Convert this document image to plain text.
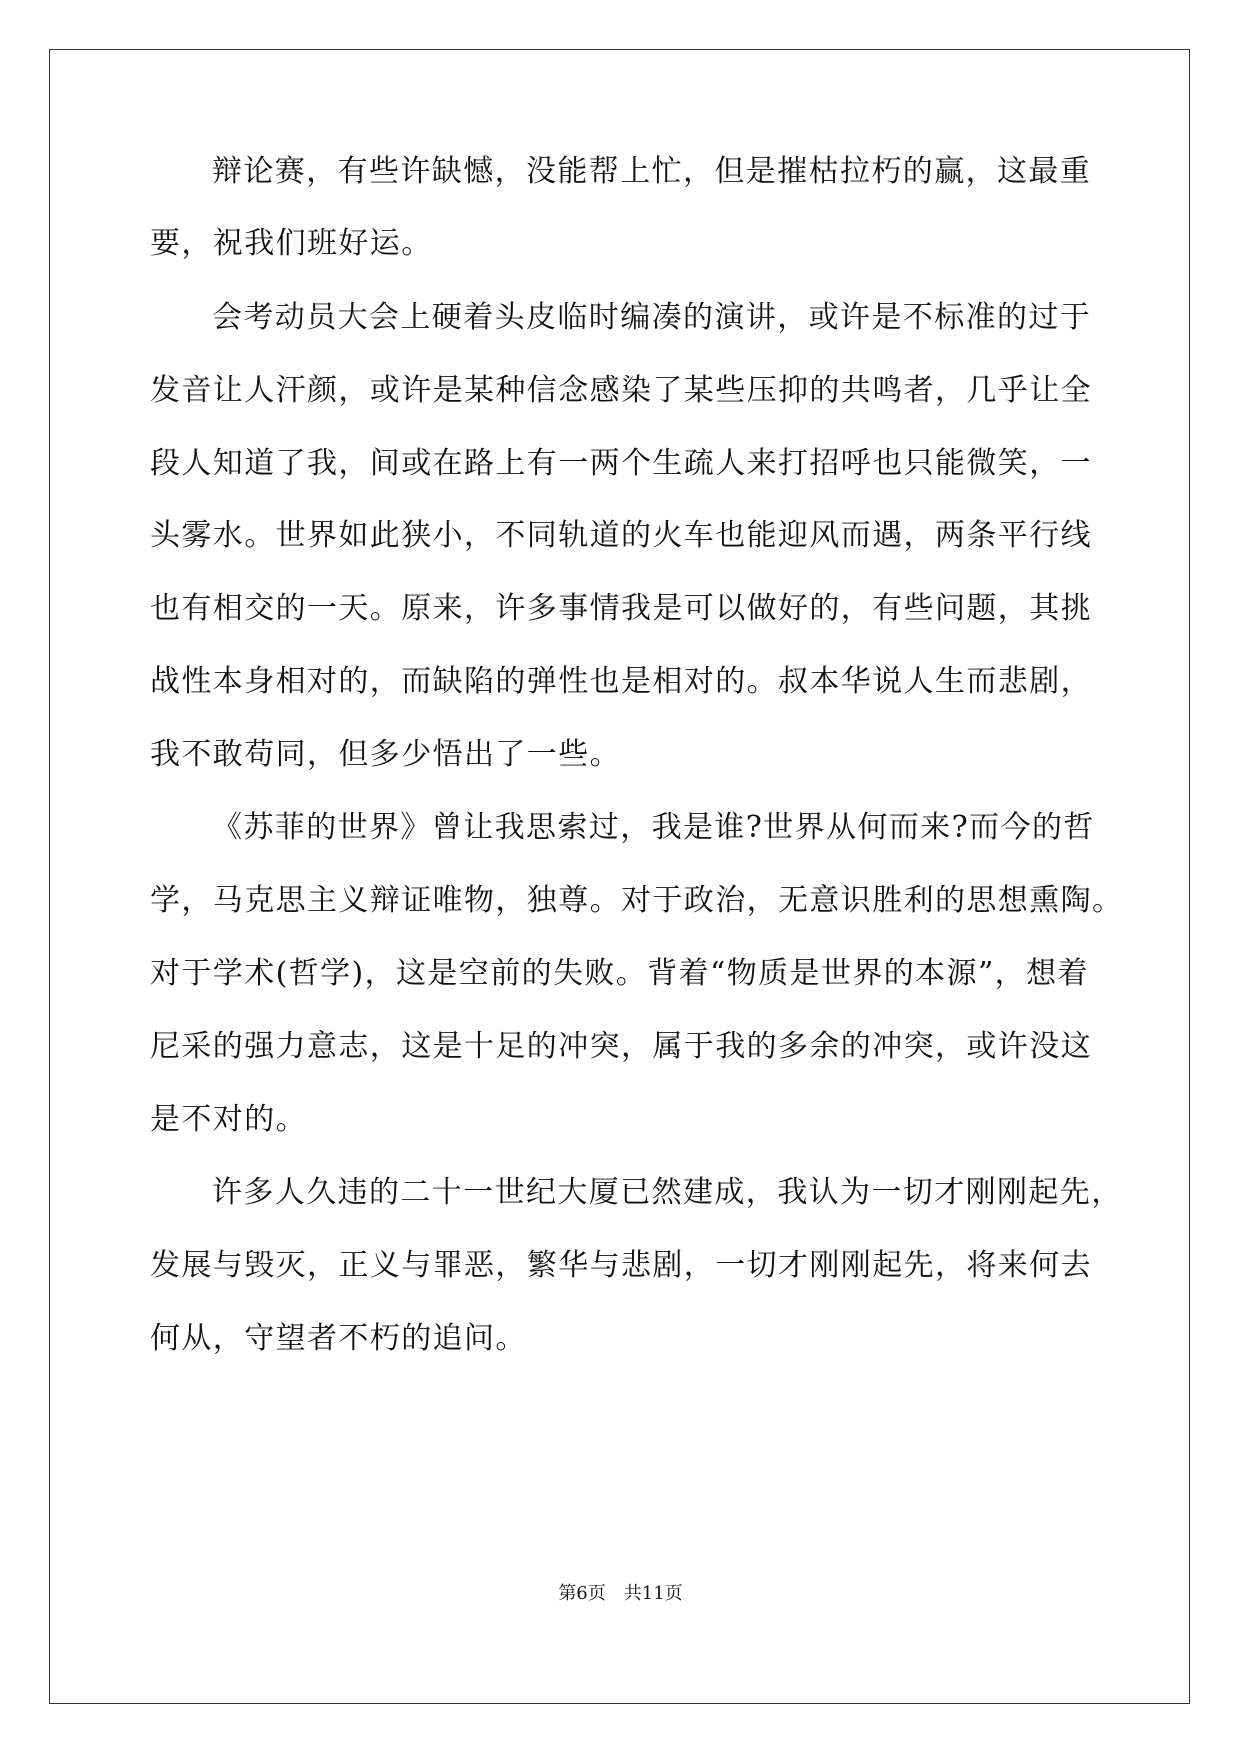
辩论赛，有些许缺憾，没能帮上忙，但是摧枯拉朽的赢，这最重
要，祝我们班好运。
会考动员大会上硬着头皮临时编凑的演讲，或许是不标准的过于
发音让人汗颜，或许是某种信念感染了某些压抑的共鸣者，几乎让全
段人知道了我，间或在路上有一两个生疏人来打招呼也只能微笑，一
头雾水。世界如此狭小，不同轨道的火车也能迎风而遇，两条平行线
也有相交的一天。原来，许多事情我是可以做好的，有些问题，其挑
战性本身相对的，而缺陷的弹性也是相对的。叔本华说人生而悲剧，
我不敢苟同，但多少悟出了一些。
《苏菲的世界》曾让我思索过，我是谁?世界从何而来?而今的哲
学，马克思主义辩证唯物，独尊。对于政治，无意识胜利的思想熏陶。
对于学术(哲学)，这是空前的失败。背着“物质是世界的本源”，想着
尼采的强力意志，这是十足的冲突，属于我的多余的冲突，或许没这
是不对的。
许多人久违的二十一世纪大厦已然建成，我认为一切才刚刚起先，
发展与毁灭，正义与罪恶，繁华与悲剧，一切才刚刚起先，将来何去
何从，守望者不朽的追问。
第6页 共11页
